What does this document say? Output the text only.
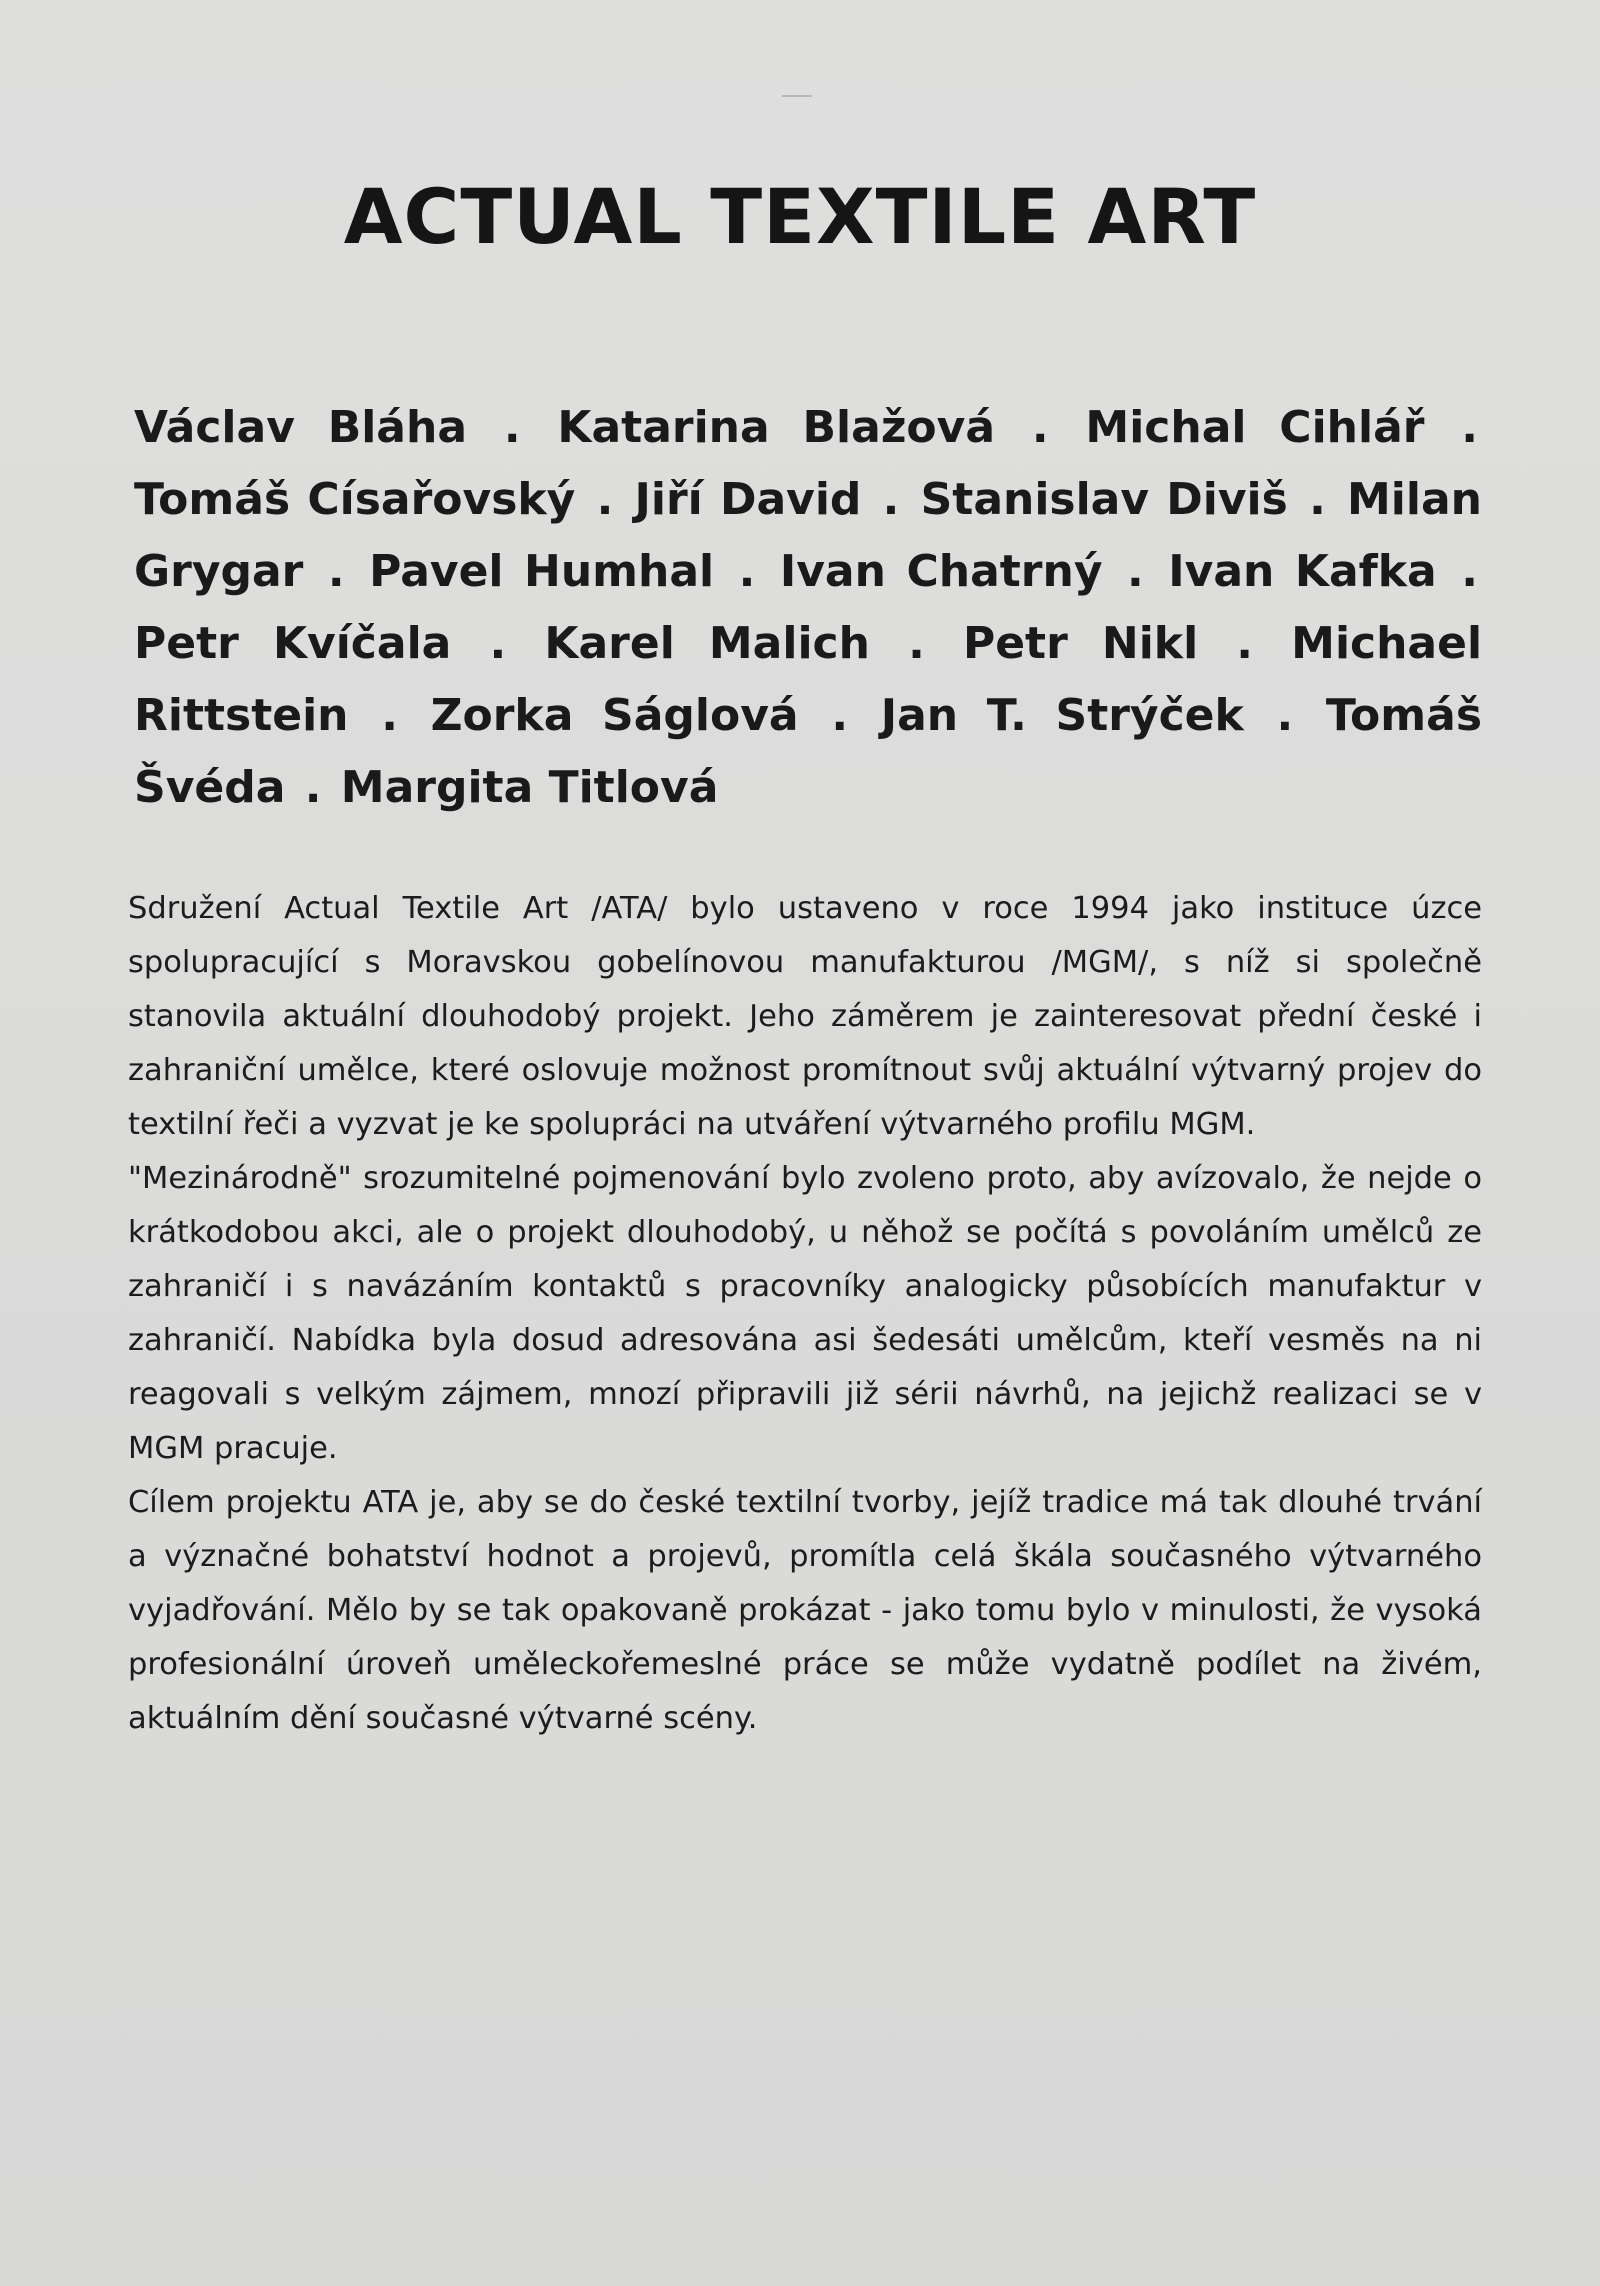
ACTUAL TEXTILE ART

Václav Bláha . Katarina Blažová . Michal Cihlář . Tomáš Císařovský . Jiří David . Stanislav Diviš . Milan Grygar . Pavel Humhal . Ivan Chatrný . Ivan Kafka . Petr Kvíčala . Karel Malich . Petr Nikl . Michael Rittstein . Zorka Ságlová . Jan T. Strýček . Tomáš Švéda . Margita Titlová

Sdružení Actual Textile Art /ATA/ bylo ustaveno v roce 1994 jako instituce úzce spolupracující s Moravskou gobelínovou manufakturou /MGM/, s níž si společně stanovila aktuální dlouhodobý projekt. Jeho záměrem je zainteresovat přední české i zahraniční umělce, které oslovuje možnost promítnout svůj aktuální výtvarný projev do textilní řeči a vyzvat je ke spolupráci na utváření výtvarného profilu MGM.

"Mezinárodně" srozumitelné pojmenování bylo zvoleno proto, aby avízovalo, že nejde o krátkodobou akci, ale o projekt dlouhodobý, u něhož se počítá s povoláním umělců ze zahraničí i s navázáním kontaktů s pracovníky analogicky působících manufaktur v zahraničí. Nabídka byla dosud adresována asi šedesáti umělcům, kteří vesměs na ni reagovali s velkým zájmem, mnozí připravili již sérii návrhů, na jejichž realizaci se v MGM pracuje.

Cílem projektu ATA je, aby se do české textilní tvorby, jejíž tradice má tak dlouhé trvání a význačné bohatství hodnot a projevů, promítla celá škála současného výtvarného vyjadřování. Mělo by se tak opakovaně prokázat - jako tomu bylo v minulosti, že vysoká profesionální úroveň uměleckořemeslné práce se může vydatně podílet na živém, aktuálním dění současné výtvarné scény.
